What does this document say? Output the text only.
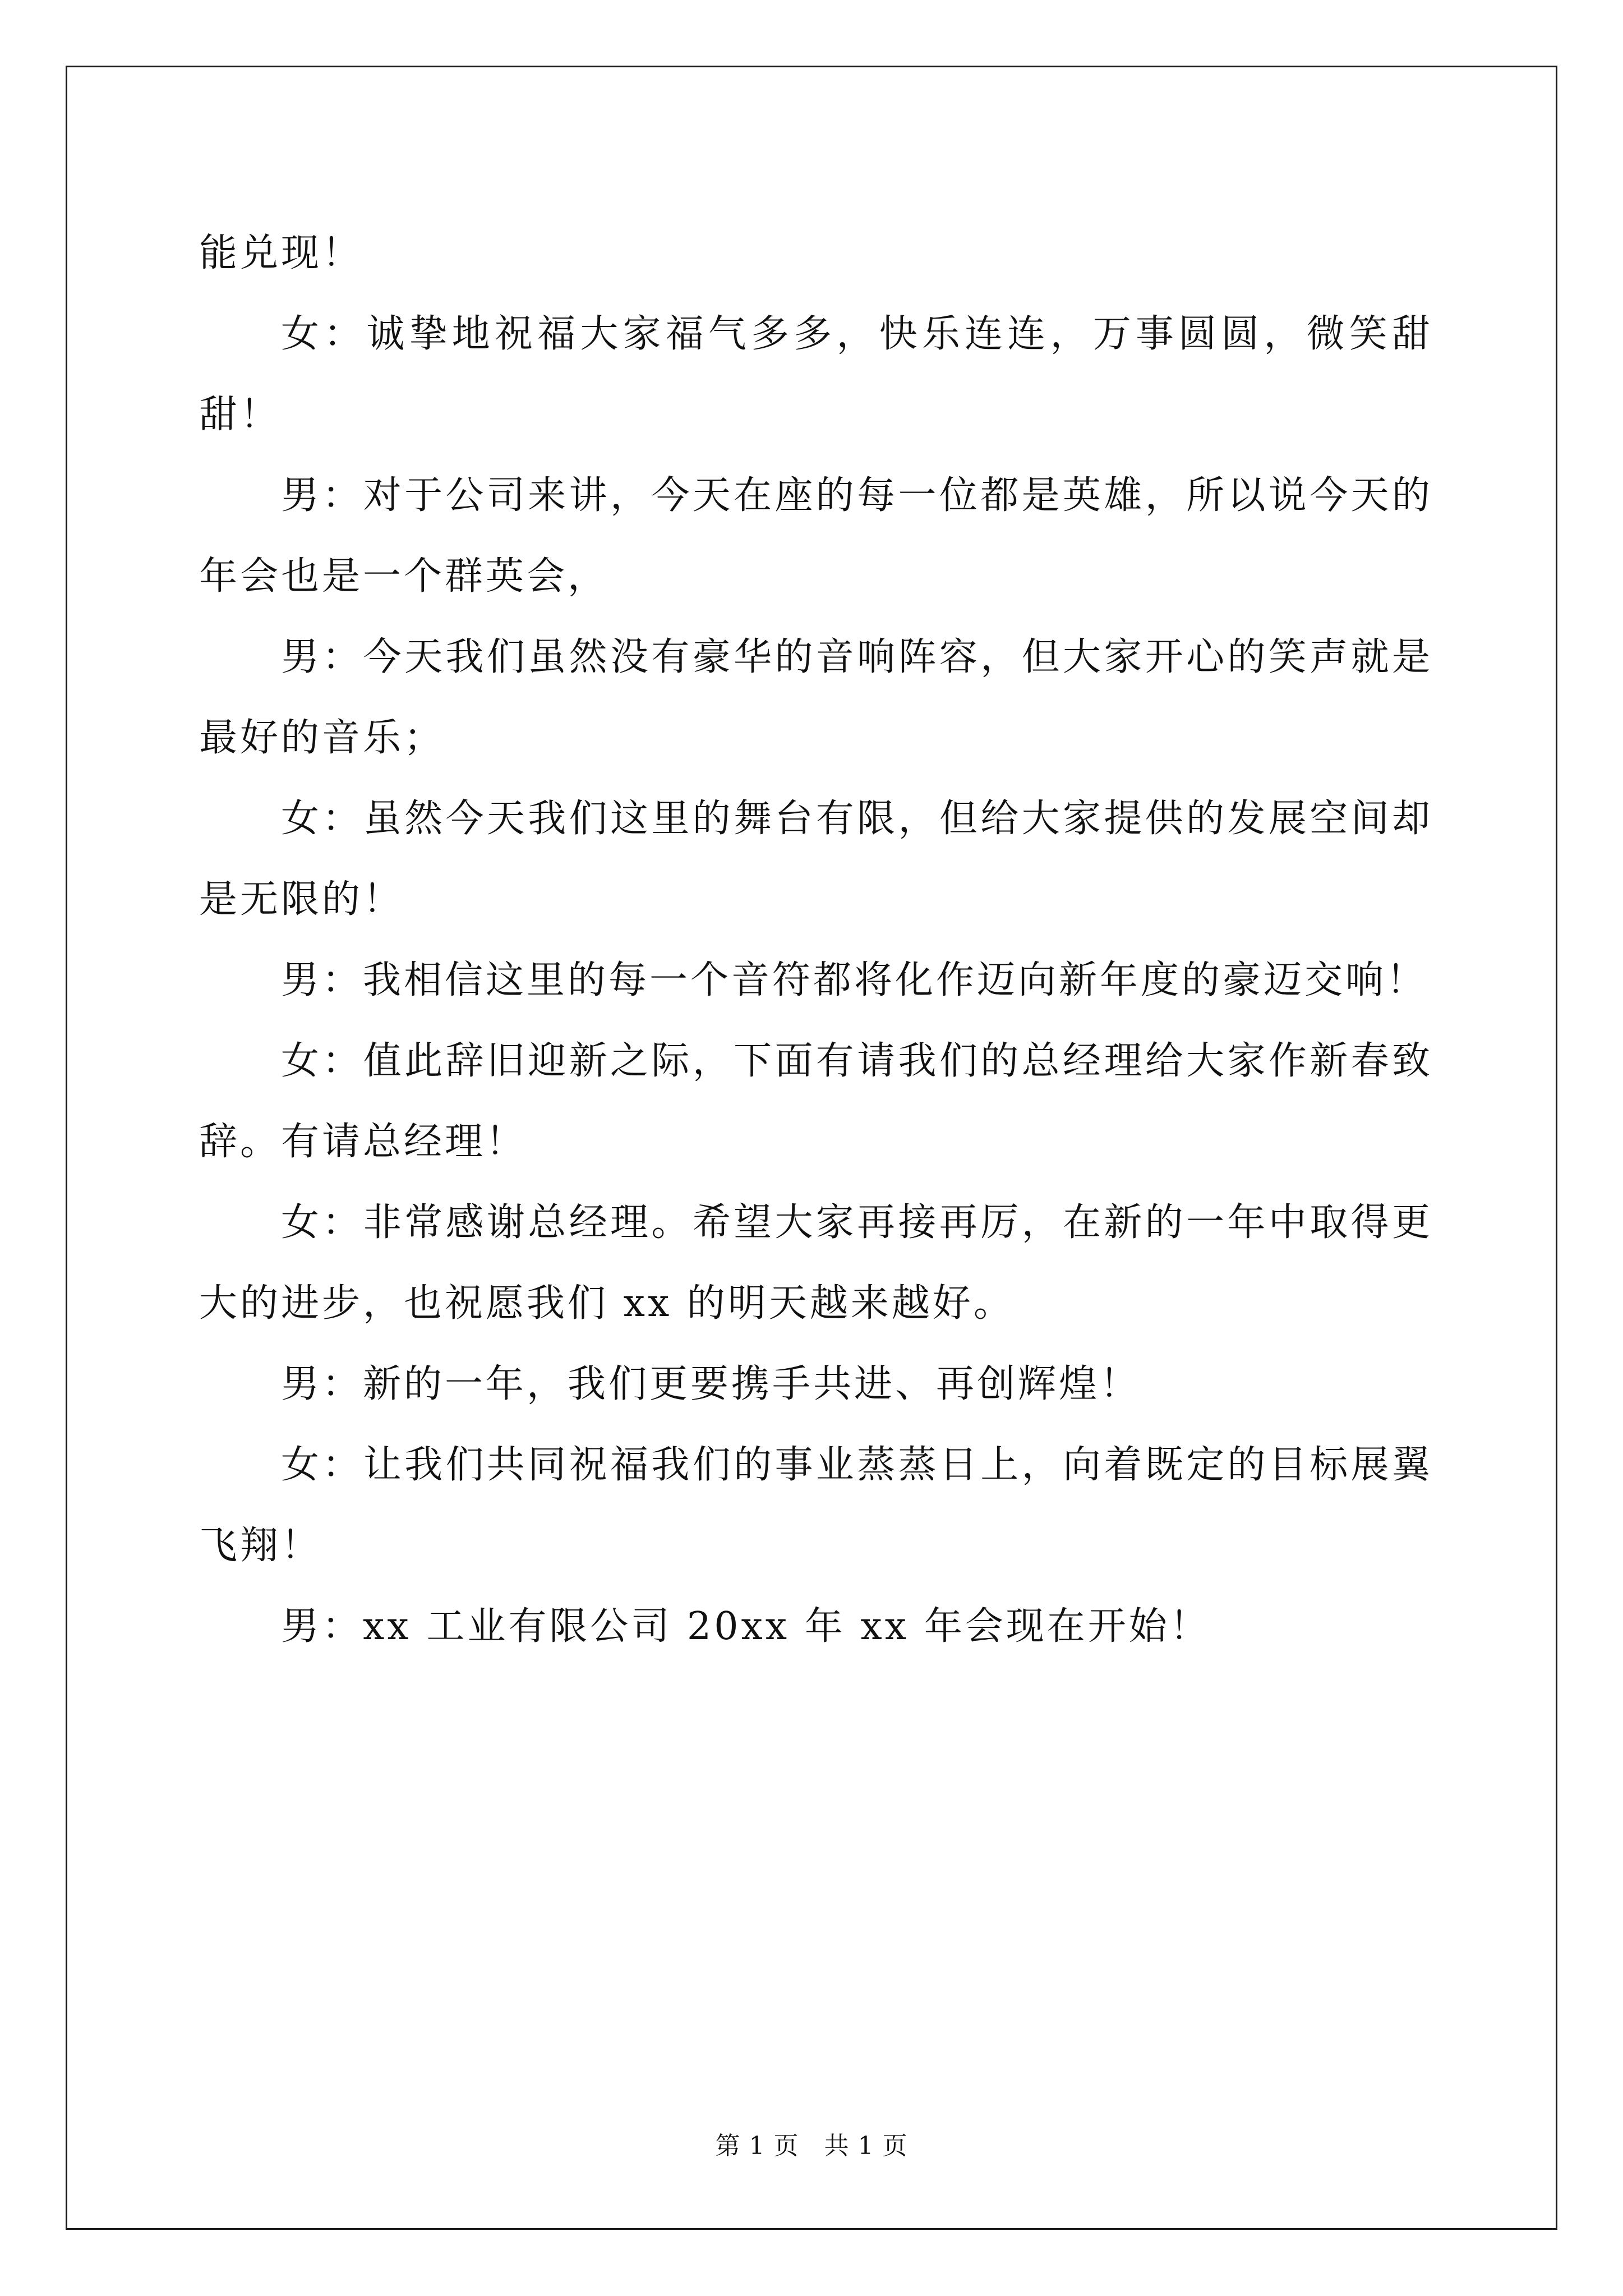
能兑现！

女：诚挚地祝福大家福气多多，快乐连连，万事圆圆，微笑甜甜！

男：对于公司来讲，今天在座的每一位都是英雄，所以说今天的年会也是一个群英会，

男：今天我们虽然没有豪华的音响阵容，但大家开心的笑声就是最好的音乐；

女：虽然今天我们这里的舞台有限，但给大家提供的发展空间却是无限的！

男：我相信这里的每一个音符都将化作迈向新年度的豪迈交响！

女：值此辞旧迎新之际，下面有请我们的总经理给大家作新春致辞。有请总经理！

女：非常感谢总经理。希望大家再接再厉，在新的一年中取得更大的进步，也祝愿我们 xx 的明天越来越好。

男：新的一年，我们更要携手共进、再创辉煌！

女：让我们共同祝福我们的事业蒸蒸日上，向着既定的目标展翼飞翔！

男：xx 工业有限公司 20xx 年 xx 年会现在开始！

第 1 页　共 1 页
